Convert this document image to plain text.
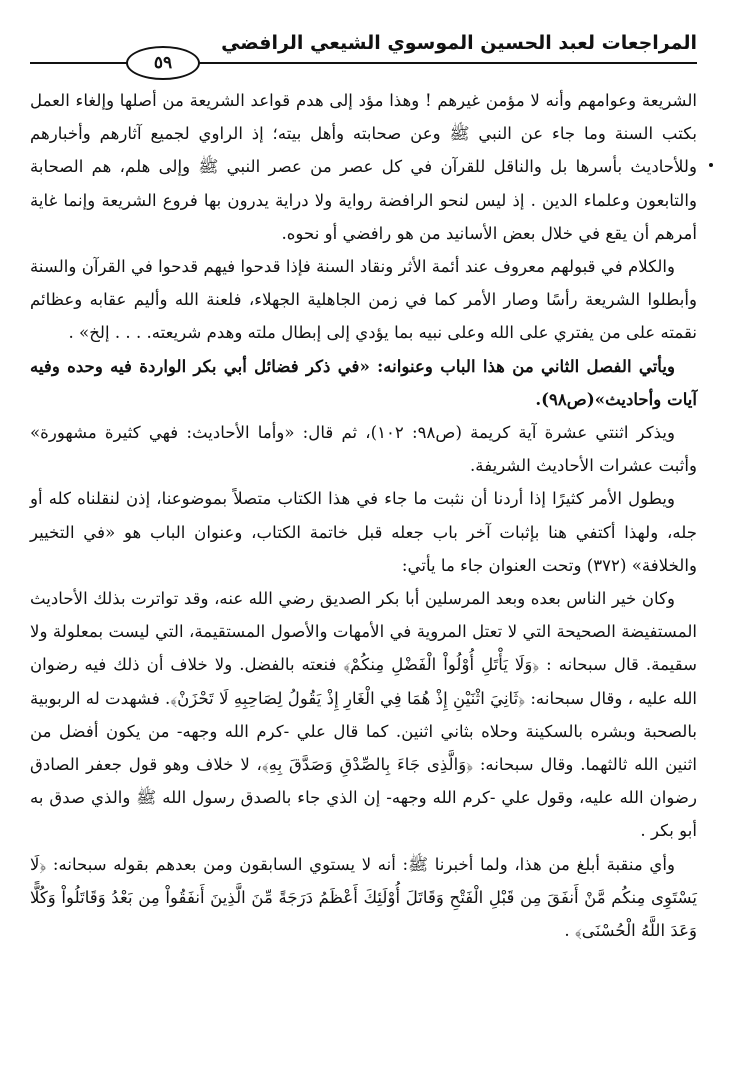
المراجعات لعبد الحسين الموسوي الشيعي الرافضي
٥٩

الشريعة وعوامهم وأنه لا مؤمن غيرهم ! وهذا مؤد إلى هدم قواعد الشريعة من أصلها وإلغاء العمل بكتب السنة وما جاء عن النبي ﷺ وعن صحابته وأهل بيته؛ إذ الراوي لجميع آثارهم وأخبارهم وللأحاديث بأسرها بل والناقل للقرآن في كل عصر من عصر النبي ﷺ وإلى هلم، هم الصحابة والتابعون وعلماء الدين . إذ ليس لنحو الرافضة رواية ولا دراية يدرون بها فروع الشريعة وإنما غاية أمرهم أن يقع في خلال بعض الأسانيد من هو رافضي أو نحوه.

والكلام في قبولهم معروف عند أئمة الأثر ونقاد السنة فإذا قدحوا فيهم قدحوا في القرآن والسنة وأبطلوا الشريعة رأسًا وصار الأمر كما في زمن الجاهلية الجهلاء، فلعنة الله وأليم عقابه وعظائم نقمته على من يفتري على الله وعلى نبيه بما يؤدي إلى إبطال ملته وهدم شريعته. . . . إلخ» .

ويأتي الفصل الثاني من هذا الباب وعنوانه: «في ذكر فضائل أبي بكر الواردة فيه وحده وفيه آيات وأحاديث»(ص٩٨).

ويذكر اثنتي عشرة آية كريمة (ص٩٨: ١٠٢)، ثم قال: «وأما الأحاديث: فهي كثيرة مشهورة» وأثبت عشرات الأحاديث الشريفة.

ويطول الأمر كثيرًا إذا أردنا أن نثبت ما جاء في هذا الكتاب متصلاً بموضوعنا، إذن لنقلناه كله أو جله، ولهذا أكتفي هنا بإثبات آخر باب جعله قبل خاتمة الكتاب، وعنوان الباب هو «في التخيير والخلافة» (٣٧٢) وتحت العنوان جاء ما يأتي:

وكان خير الناس بعده وبعد المرسلين أبا بكر الصديق رضي الله عنه، وقد تواترت بذلك الأحاديث المستفيضة الصحيحة التي لا تعتل المروية في الأمهات والأصول المستقيمة، التي ليست بمعلولة ولا سقيمة. قال سبحانه : ﴿وَلَا يَأْتَلِ أُوْلُواْ الْفَضْلِ مِنكُمْ﴾ فنعته بالفضل. ولا خلاف أن ذلك فيه رضوان الله عليه ، وقال سبحانه: ﴿ثَانِيَ اثْنَيْنِ إِذْ هُمَا فِي الْغَارِ إِذْ يَقُولُ لِصَاحِبِهِ لَا تَحْزَنْ﴾. فشهدت له الربوبية بالصحبة وبشره بالسكينة وحلاه بثاني اثنين. كما قال علي -كرم الله وجهه- من يكون أفضل من اثنين الله ثالثهما. وقال سبحانه: ﴿وَالَّذِى جَاءَ بِالصِّدْقِ وَصَدَّقَ بِهِ﴾، لا خلاف وهو قول جعفر الصادق رضوان الله عليه، وقول علي -كرم الله وجهه- إن الذي جاء بالصدق رسول الله ﷺ والذي صدق به أبو بكر .

وأي منقبة أبلغ من هذا، ولما أخبرنا ﷺ: أنه لا يستوي السابقون ومن بعدهم بقوله سبحانه: ﴿لَا يَسْتَوِى مِنكُم مَّنْ أَنفَقَ مِن قَبْلِ الْفَتْحِ وَقَاتَلَ أُوْلَئِكَ أَعْظَمُ دَرَجَةً مِّنَ الَّذِينَ أَنفَقُواْ مِن بَعْدُ وَقَاتَلُواْ وَكُلًّا وَعَدَ اللَّهُ الْحُسْنَى﴾ .
